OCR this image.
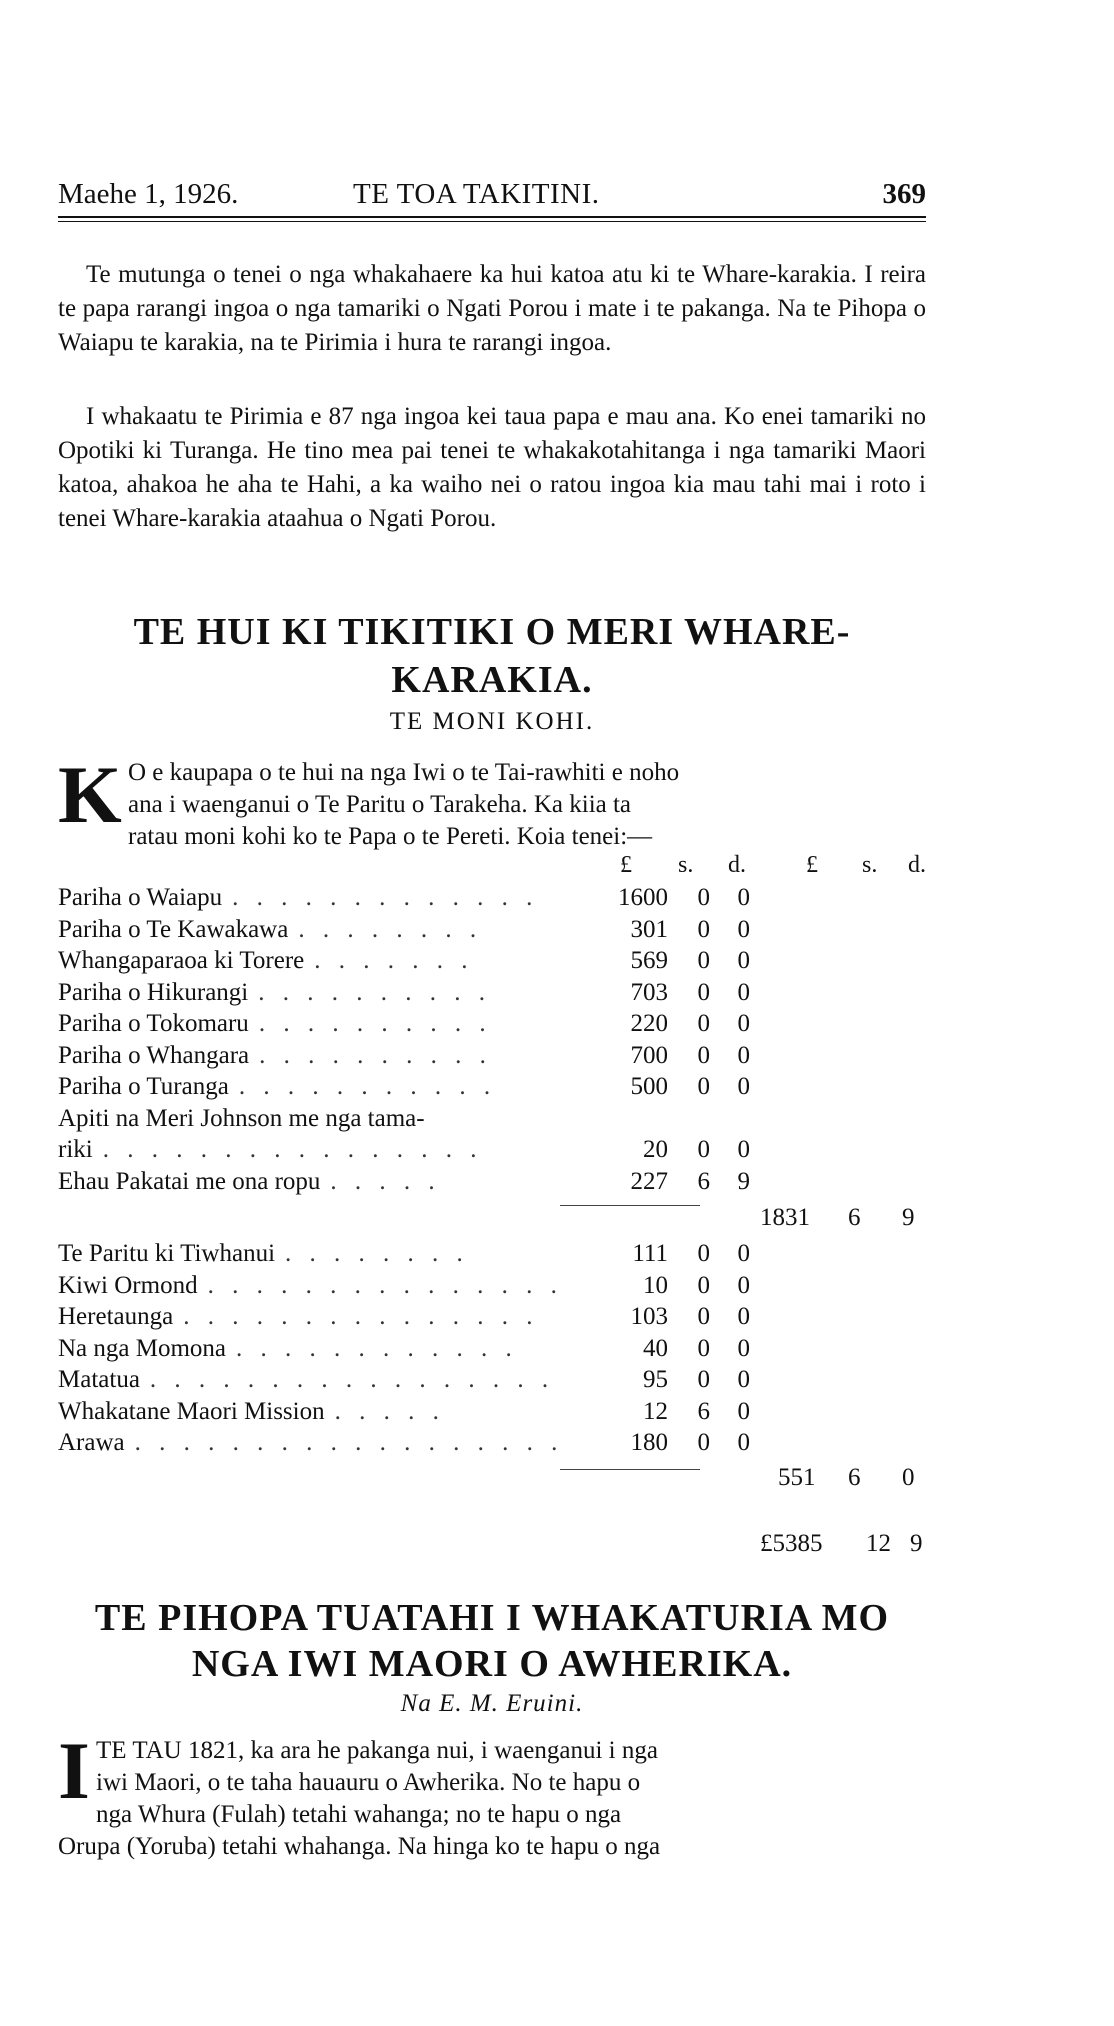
Maehe 1, 1926.	TE TOA TAKITINI.	369

Te mutunga o tenei o nga whakahaere ka hui katoa atu ki te Whare-karakia. I reira te papa rarangi ingoa o nga tamariki o Ngati Porou i mate i te pakanga. Na te Pihopa o Waiapu te karakia, na te Pirimia i hura te rarangi ingoa.

I whakaatu te Pirimia e 87 nga ingoa kei taua papa e mau ana. Ko enei tamariki no Opotiki ki Turanga. He tino mea pai tenei te whakakotahitanga i nga tamariki Maori katoa, ahakoa he aha te Hahi, a ka waiho nei o ratou ingoa kia mau tahi mai i roto i tenei Whare-karakia ataahua o Ngati Porou.

TE HUI KI TIKITIKI O MERI WHARE-
KARAKIA.
TE MONI KOHI.
K O e kaupapa o te hui na nga Iwi o te Tai-rawhiti e noho
ana i waenganui o Te Paritu o Tarakeha. Ka kiia ta
ratau moni kohi ko te Papa o te Pereti. Koia tenei:—
£ s. d.	£ s. d.
Pariha o Waiapu . . . . . . . . . . . . .	1600	0	0
Pariha o Te Kawakawa . . . . . . . .	301	0	0
Whangaparaoa ki Torere . . . . . . .	569	0	0
Pariha o Hikurangi . . . . . . . . . .	703	0	0
Pariha o Tokomaru . . . . . . . . . .	220	0	0
Pariha o Whangara . . . . . . . . . .	700	0	0
Pariha o Turanga . . . . . . . . . . .	500	0	0
Apiti na Meri Johnson me nga tama-
riki . . . . . . . . . . . . . . . .	20	0	0
Ehau Pakatai me ona ropu . . . . .	227	6	9
1831 6 9
Te Paritu ki Tiwhanui . . . . . . . .	111	0	0
Kiwi Ormond . . . . . . . . . . . . . . .	10	0	0
Heretaunga . . . . . . . . . . . . . . .	103	0	0
Na nga Momona . . . . . . . . . . . .	40	0	0
Matatua . . . . . . . . . . . . . . . . .	95	0	0
Whakatane Maori Mission . . . . .	12	6	0
Arawa . . . . . . . . . . . . . . . . . .	180	0	0
551 6 0
£5385 12 9
TE PIHOPA TUATAHI I WHAKATURIA MO
NGA IWI MAORI O AWHERIKA.
Na E. M. Eruini.
I TE TAU 1821, ka ara he pakanga nui, i waenganui i nga
iwi Maori, o te taha hauauru o Awherika. No te hapu o
nga Whura (Fulah) tetahi wahanga; no te hapu o nga
Orupa (Yoruba) tetahi whahanga. Na hinga ko te hapu o nga
